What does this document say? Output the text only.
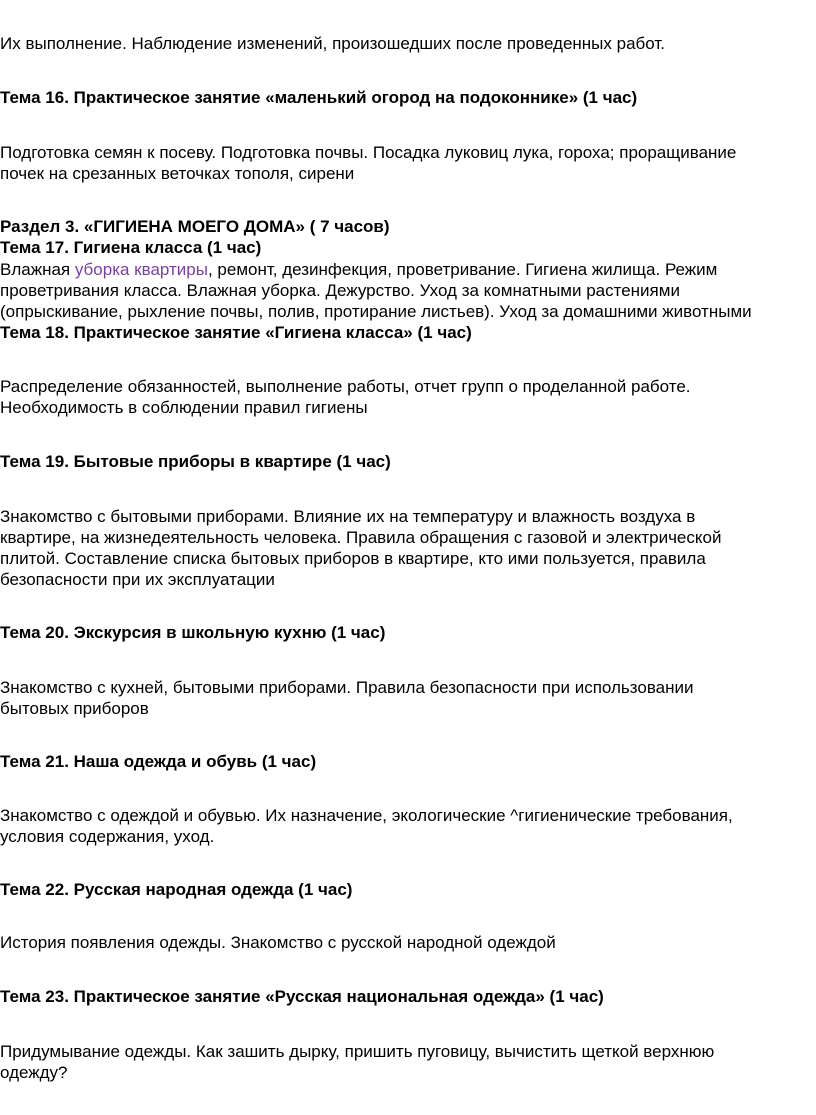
Их выполнение. Наблюдение изменений, произошедших после проведенных работ.
Тема 16. Практическое занятие «маленький огород на подоконнике» (1 час)
Подготовка семян к посеву. Подготовка почвы. Посадка луковиц лука, гороха; проращивание
почек на срезанных веточках тополя, сирени
Раздел 3. «ГИГИЕНА МОЕГО ДОМА» ( 7 часов)
Тема 17. Гигиена класса (1 час)
Влажная уборка квартиры, ремонт, дезинфекция, проветривание. Гигиена жилища. Режим
проветривания класса. Влажная уборка. Дежурство. Уход за комнатными растениями
(опрыскивание, рыхление почвы, полив, протирание листьев). Уход за домашними животными
Тема 18. Практическое занятие «Гигиена класса» (1 час)
Распределение обязанностей, выполнение работы, отчет групп о проделанной работе.
Необходимость в соблюдении правил гигиены
Тема 19. Бытовые приборы в квартире (1 час)
Знакомство с бытовыми приборами. Влияние их на температуру и влажность воздуха в
квартире, на жизнедеятельность человека. Правила обращения с газовой и электрической
плитой. Составление списка бытовых приборов в квартире, кто ими пользуется, правила
безопасности при их эксплуатации
Тема 20. Экскурсия в школьную кухню (1 час)
Знакомство с кухней, бытовыми приборами. Правила безопасности при использовании
бытовых приборов
Тема 21. Наша одежда и обувь (1 час)
Знакомство с одеждой и обувью. Их назначение, экологические ^гигиенические требования,
условия содержания, уход.
Тема 22. Русская народная одежда (1 час)
История появления одежды. Знакомство с русской народной одеждой
Тема 23. Практическое занятие «Русская национальная одежда» (1 час)
Придумывание одежды. Как зашить дырку, пришить пуговицу, вычистить щеткой верхнюю
одежду?
